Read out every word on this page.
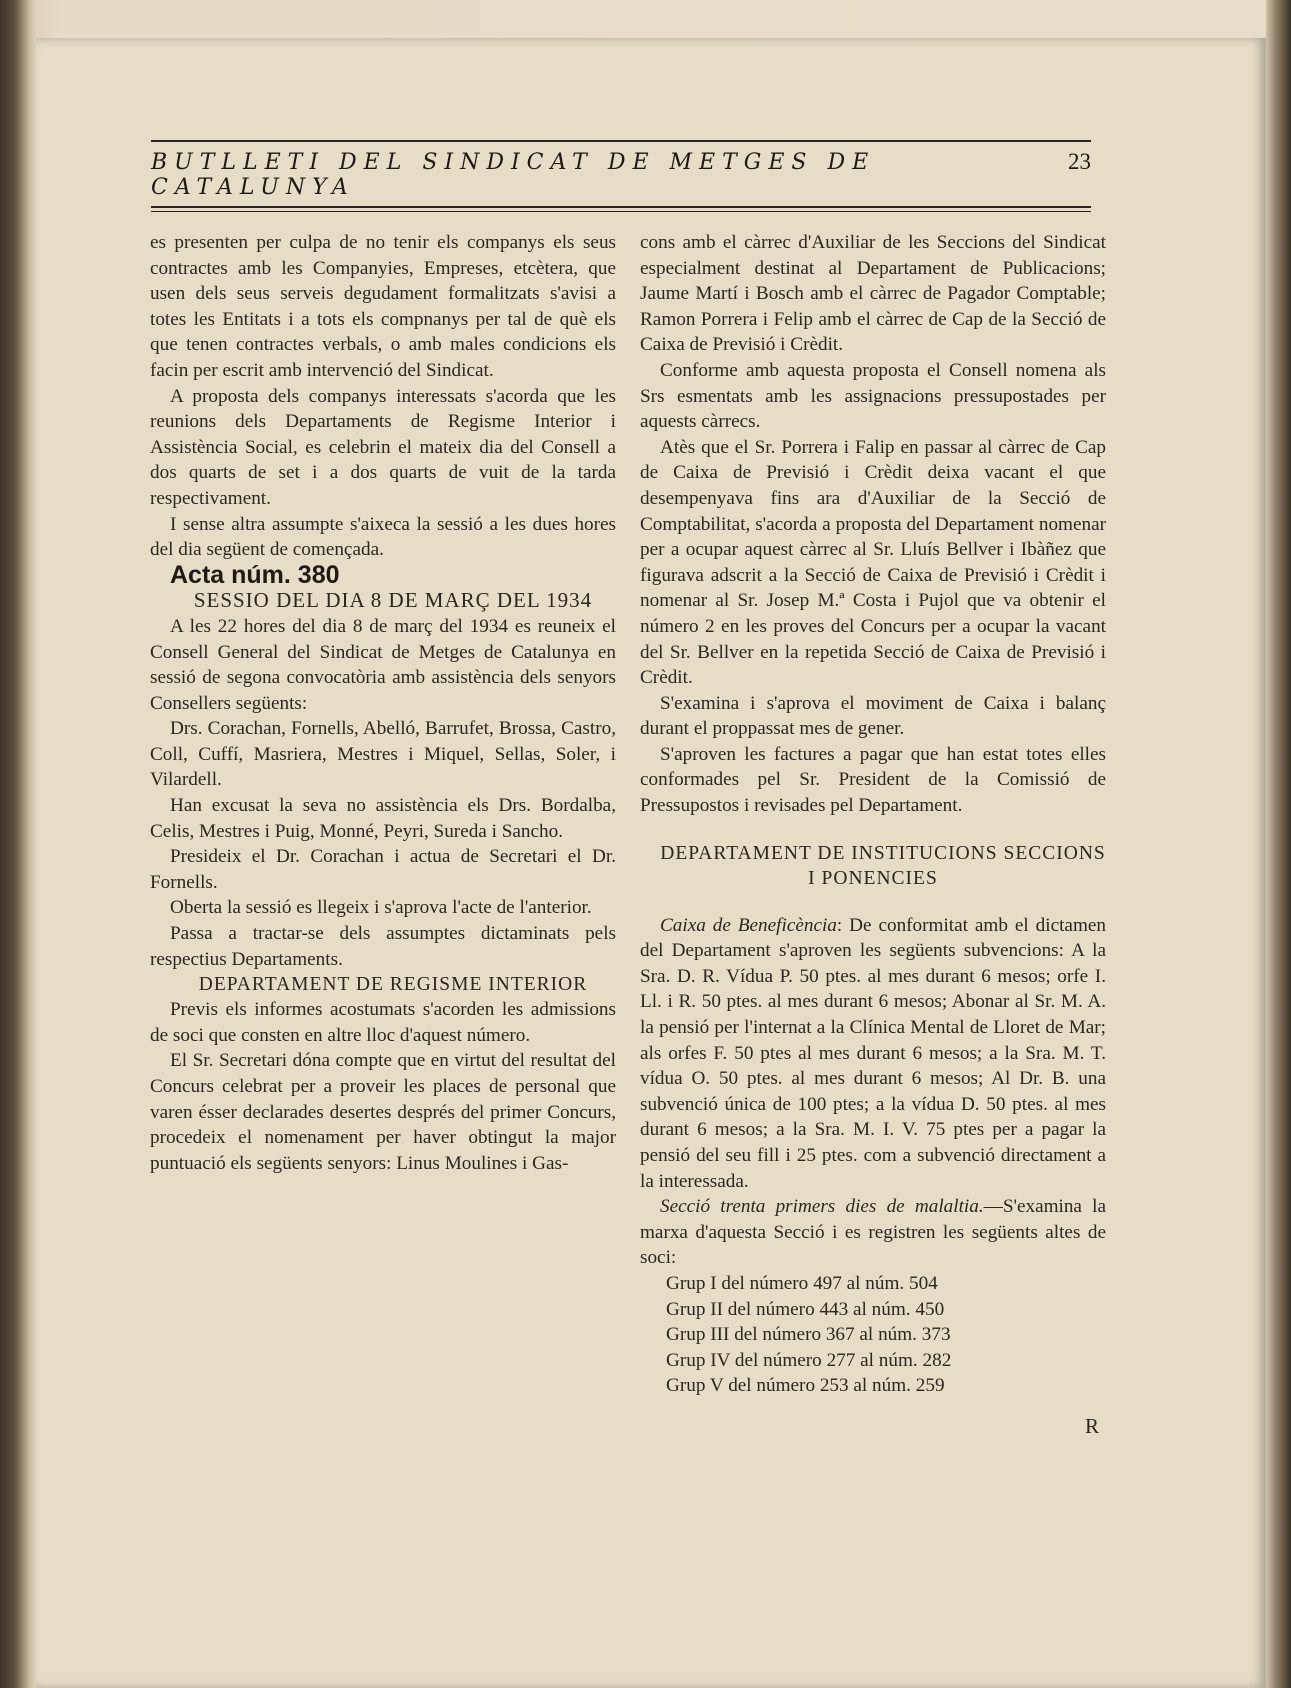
BUTLLETI DEL SINDICAT DE METGES DE CATALUNYA
23

es presenten per culpa de no tenir els companys els seus contractes amb les Companyies, Empreses, etcètera, que usen dels seus serveis degudament formalitzats s'avisi a totes les Entitats i a tots els compnanys per tal de què els que tenen contractes verbals, o amb males condicions els facin per escrit amb intervenció del Sindicat.

A proposta dels companys interessats s'acorda que les reunions dels Departaments de Regisme Interior i Assistència Social, es celebrin el mateix dia del Consell a dos quarts de set i a dos quarts de vuit de la tarda respectivament.

I sense altra assumpte s'aixeca la sessió a les dues hores del dia següent de començada.

Acta núm. 380

SESSIO DEL DIA 8 DE MARÇ DEL 1934

A les 22 hores del dia 8 de març del 1934 es reuneix el Consell General del Sindicat de Metges de Catalunya en sessió de segona convocatòria amb assistència dels senyors Consellers següents:

Drs. Corachan, Fornells, Abelló, Barrufet, Brossa, Castro, Coll, Cuffí, Masriera, Mestres i Miquel, Sellas, Soler, i Vilardell.

Han excusat la seva no assistència els Drs. Bordalba, Celis, Mestres i Puig, Monné, Peyri, Sureda i Sancho.

Presideix el Dr. Corachan i actua de Secretari el Dr. Fornells.

Oberta la sessió es llegeix i s'aprova l'acte de l'anterior.

Passa a tractar-se dels assumptes dictaminats pels respectius Departaments.

DEPARTAMENT DE REGISME INTERIOR

Previs els informes acostumats s'acorden les admissions de soci que consten en altre lloc d'aquest número.

El Sr. Secretari dóna compte que en virtut del resultat del Concurs celebrat per a proveir les places de personal que varen ésser declarades desertes després del primer Concurs, procedeix el nomenament per haver obtingut la major puntuació els següents senyors: Linus Moulines i Gas-

cons amb el càrrec d'Auxiliar de les Seccions del Sindicat especialment destinat al Departament de Publicacions; Jaume Martí i Bosch amb el càrrec de Pagador Comptable; Ramon Porrera i Felip amb el càrrec de Cap de la Secció de Caixa de Previsió i Crèdit.

Conforme amb aquesta proposta el Consell nomena als Srs esmentats amb les assignacions pressupostades per aquests càrrecs.

Atès que el Sr. Porrera i Falip en passar al càrrec de Cap de Caixa de Previsió i Crèdit deixa vacant el que desempenyava fins ara d'Auxiliar de la Secció de Comptabilitat, s'acorda a proposta del Departament nomenar per a ocupar aquest càrrec al Sr. Lluís Bellver i Ibàñez que figurava adscrit a la Secció de Caixa de Previsió i Crèdit i nomenar al Sr. Josep M.ª Costa i Pujol que va obtenir el número 2 en les proves del Concurs per a ocupar la vacant del Sr. Bellver en la repetida Secció de Caixa de Previsió i Crèdit.

S'examina i s'aprova el moviment de Caixa i balanç durant el proppassat mes de gener.

S'aproven les factures a pagar que han estat totes elles conformades pel Sr. President de la Comissió de Pressupostos i revisades pel Departament.

DEPARTAMENT DE INSTITUCIONS SECCIONS I PONENCIES

Caixa de Beneficència: De conformitat amb el dictamen del Departament s'aproven les següents subvencions: A la Sra. D. R. Vídua P. 50 ptes. al mes durant 6 mesos; orfe I. Ll. i R. 50 ptes. al mes durant 6 mesos; Abonar al Sr. M. A. la pensió per l'internat a la Clínica Mental de Lloret de Mar; als orfes F. 50 ptes al mes durant 6 mesos; a la Sra. M. T. vídua O. 50 ptes. al mes durant 6 mesos; Al Dr. B. una subvenció única de 100 ptes; a la vídua D. 50 ptes. al mes durant 6 mesos; a la Sra. M. I. V. 75 ptes per a pagar la pensió del seu fill i 25 ptes. com a subvenció directament a la interessada.

Secció trenta primers dies de malaltia.—S'examina la marxa d'aquesta Secció i es registren les següents altes de soci:

Grup I del número 497 al núm. 504

Grup II del número 443 al núm. 450

Grup III del número 367 al núm. 373

Grup IV del número 277 al núm. 282

Grup V del número 253 al núm. 259

R
